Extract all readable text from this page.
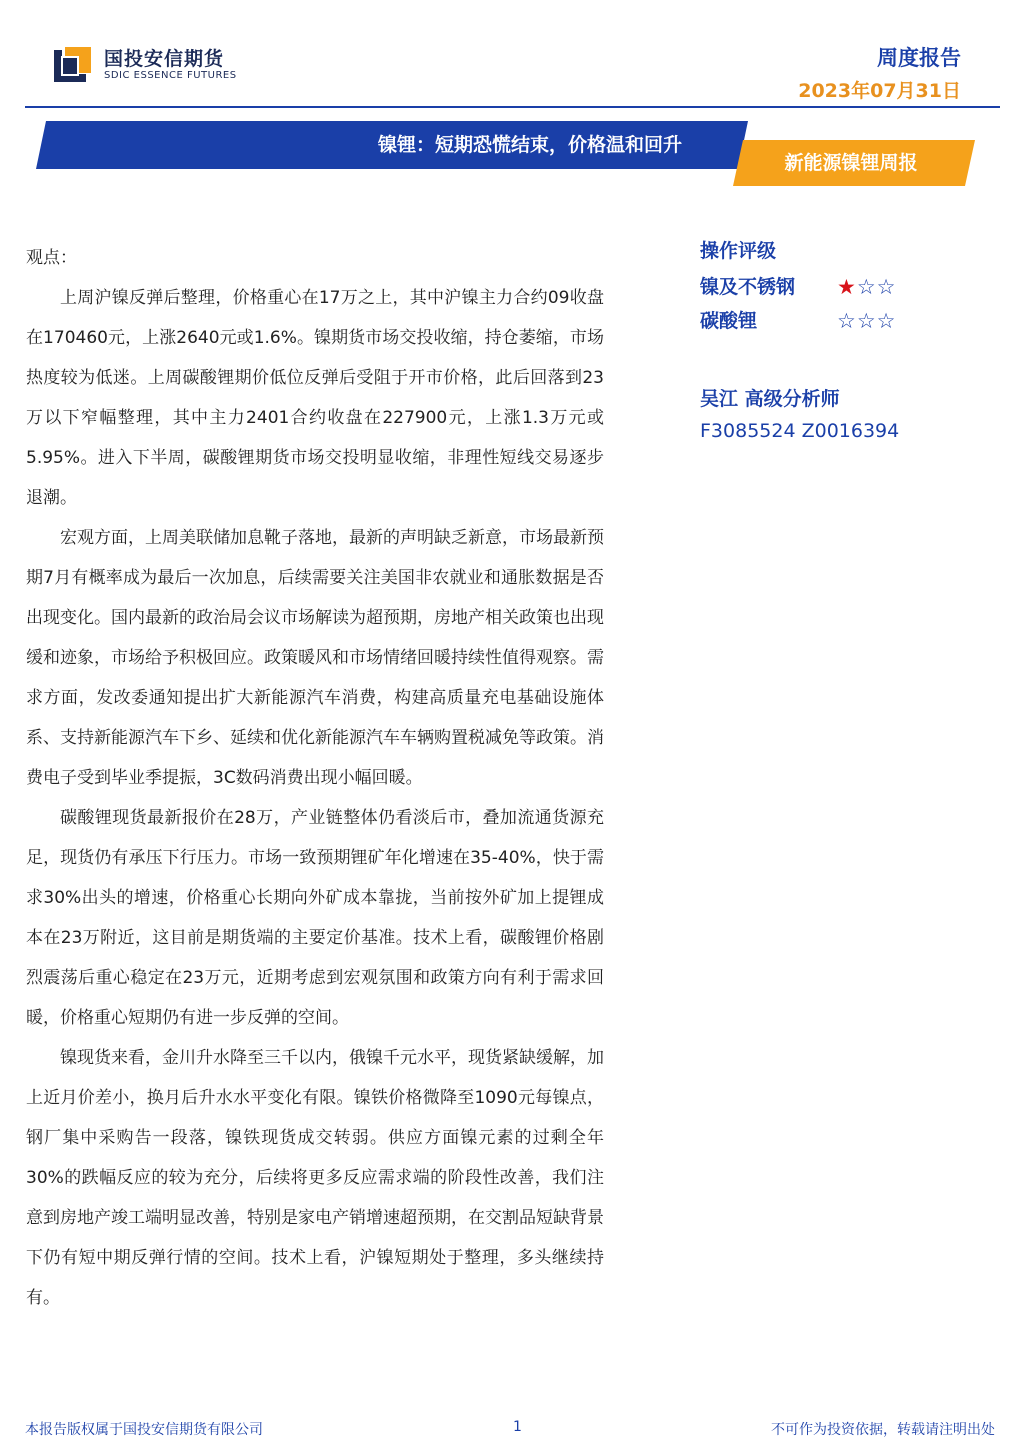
国投安信期货
SDIC ESSENCE FUTURES
周度报告
2023年07月31日
镍锂：短期恐慌结束，价格温和回升
新能源镍锂周报

观点：

上周沪镍反弹后整理，价格重心在17万之上，其中沪镍主力合约09收盘在170460元，上涨2640元或1.6%。镍期货市场交投收缩，持仓萎缩，市场热度较为低迷。上周碳酸锂期价低位反弹后受阻于开市价格，此后回落到23万以下窄幅整理，其中主力2401合约收盘在227900元，上涨1.3万元或5.95%。进入下半周，碳酸锂期货市场交投明显收缩，非理性短线交易逐步退潮。

宏观方面，上周美联储加息靴子落地，最新的声明缺乏新意，市场最新预期7月有概率成为最后一次加息，后续需要关注美国非农就业和通胀数据是否出现变化。国内最新的政治局会议市场解读为超预期，房地产相关政策也出现缓和迹象，市场给予积极回应。政策暖风和市场情绪回暖持续性值得观察。需求方面，发改委通知提出扩大新能源汽车消费，构建高质量充电基础设施体系、支持新能源汽车下乡、延续和优化新能源汽车车辆购置税减免等政策。消费电子受到毕业季提振，3C数码消费出现小幅回暖。

碳酸锂现货最新报价在28万，产业链整体仍看淡后市，叠加流通货源充足，现货仍有承压下行压力。市场一致预期锂矿年化增速在35-40%，快于需求30%出头的增速，价格重心长期向外矿成本靠拢，当前按外矿加上提锂成本在23万附近，这目前是期货端的主要定价基准。技术上看，碳酸锂价格剧烈震荡后重心稳定在23万元，近期考虑到宏观氛围和政策方向有利于需求回暖，价格重心短期仍有进一步反弹的空间。

镍现货来看，金川升水降至三千以内，俄镍千元水平，现货紧缺缓解，加上近月价差小，换月后升水水平变化有限。镍铁价格微降至1090元每镍点，钢厂集中采购告一段落，镍铁现货成交转弱。供应方面镍元素的过剩全年30%的跌幅反应的较为充分，后续将更多反应需求端的阶段性改善，我们注意到房地产竣工端明显改善，特别是家电产销增速超预期，在交割品短缺背景下仍有短中期反弹行情的空间。技术上看，沪镍短期处于整理，多头继续持有。

操作评级
镍及不锈钢 ★☆☆
碳酸锂	☆☆☆
吴江 高级分析师
F3085524 Z0016394
本报告版权属于国投安信期货有限公司	1	不可作为投资依据，转载请注明出处
